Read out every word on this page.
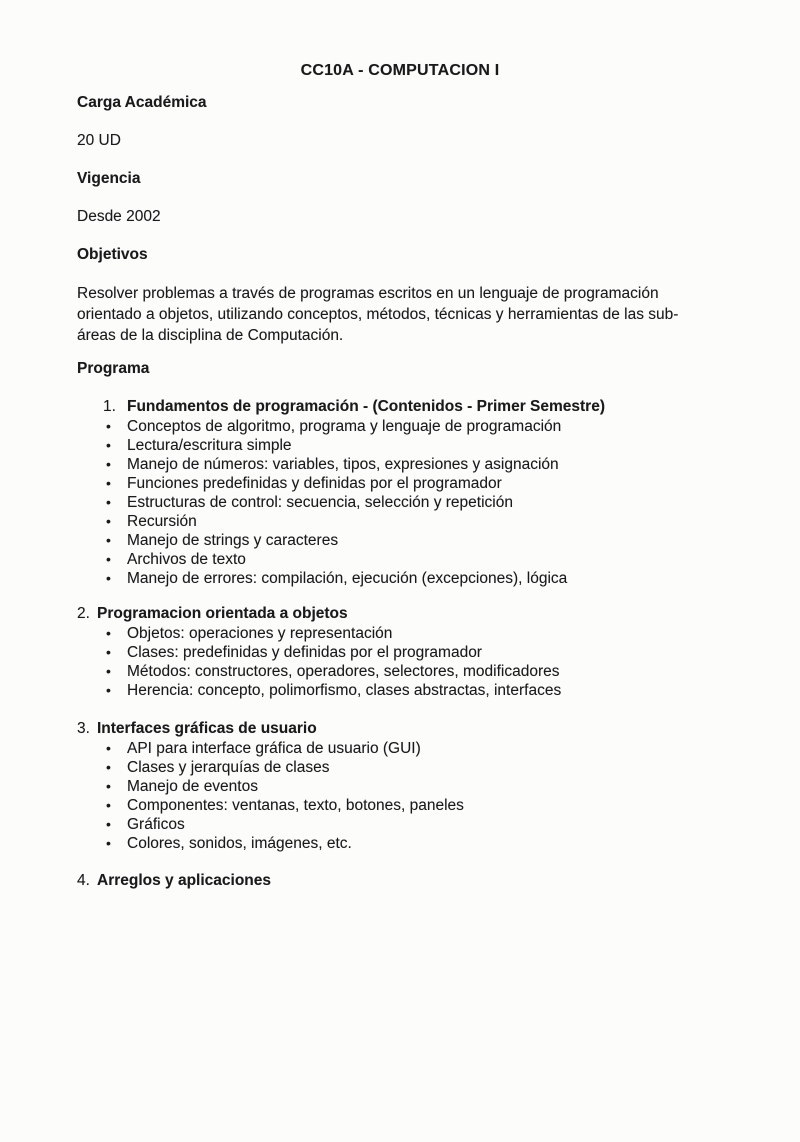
CC10A - COMPUTACION I
Carga Académica
20 UD
Vigencia
Desde 2002
Objetivos
Resolver problemas a través de programas escritos en un lenguaje de programación orientado a objetos, utilizando conceptos, métodos, técnicas y herramientas de las sub-áreas de la disciplina de Computación.
Programa
1. Fundamentos de programación - (Contenidos - Primer Semestre)
•	Conceptos de algoritmo, programa y lenguaje de programación
•	Lectura/escritura simple
•	Manejo de números: variables, tipos, expresiones y asignación
•	Funciones predefinidas y definidas por el programador
•	Estructuras de control: secuencia, selección y repetición
•	Recursión
•	Manejo de strings y caracteres
•	Archivos de texto
•	Manejo de errores: compilación, ejecución (excepciones), lógica
2. Programacion orientada a objetos
•	Objetos: operaciones y representación
•	Clases: predefinidas y definidas por el programador
•	Métodos: constructores, operadores, selectores, modificadores
•	Herencia: concepto, polimorfismo, clases abstractas, interfaces
3. Interfaces gráficas de usuario
•	API para interface gráfica de usuario (GUI)
•	Clases y jerarquías de clases
•	Manejo de eventos
•	Componentes: ventanas, texto, botones, paneles
•	Gráficos
•	Colores, sonidos, imágenes, etc.
4. Arreglos y aplicaciones
